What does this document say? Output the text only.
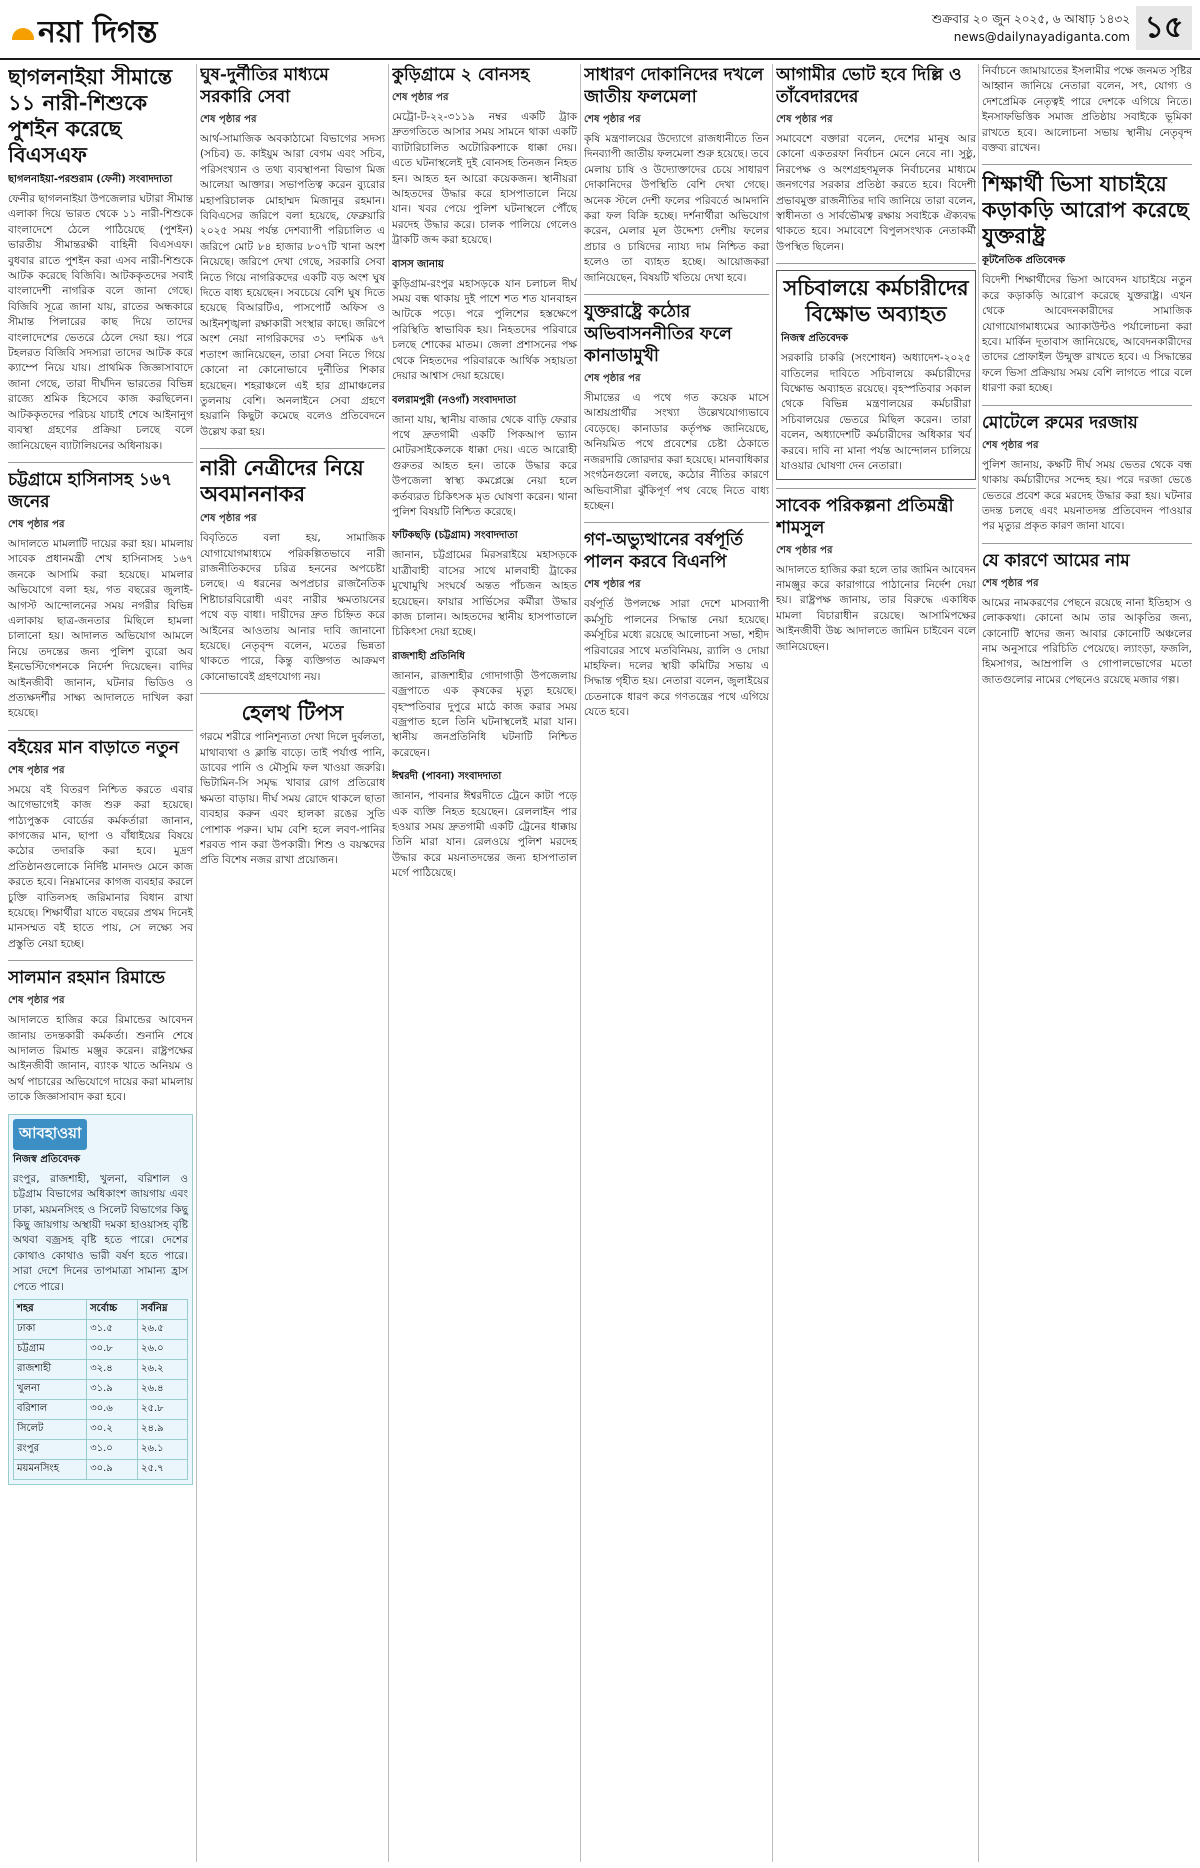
নয়া দিগন্ত	শুক্রবার ২০ জুন ২০২৫, ৬ আষাঢ় ১৪৩২
news@dailynayadiganta.com ১৫
ছাগলনাইয়া সীমান্তে ১১ নারী-শিশুকে পুশইন করেছে বিএসএফ
ছাগলনাইয়া-পরশুরাম (ফেনী) সংবাদদাতা

ফেনীর ছাগলনাইয়া উপজেলার ঘটারা সীমান্ত এলাকা দিয়ে ভারত থেকে ১১ নারী-শিশুকে বাংলাদেশে ঠেলে পাঠিয়েছে (পুশইন) ভারতীয় সীমান্তরক্ষী বাহিনী বিএসএফ। বুধবার রাতে পুশইন করা এসব নারী-শিশুকে আটক করেছে বিজিবি। আটককৃতদের সবাই বাংলাদেশী নাগরিক বলে জানা গেছে। বিজিবি সূত্রে জানা যায়, রাতের অন্ধকারে সীমান্ত পিলারের কাছ দিয়ে তাদের বাংলাদেশের ভেতরে ঠেলে দেয়া হয়। পরে টহলরত বিজিবি সদস্যরা তাদের আটক করে ক্যাম্পে নিয়ে যায়। প্রাথমিক জিজ্ঞাসাবাদে জানা গেছে, তারা দীর্ঘদিন ভারতের বিভিন্ন রাজ্যে শ্রমিক হিসেবে কাজ করছিলেন। আটককৃতদের পরিচয় যাচাই শেষে আইনানুগ ব্যবস্থা গ্রহণের প্রক্রিয়া চলছে বলে জানিয়েছেন ব্যাটালিয়নের অধিনায়ক।

চট্টগ্রামে হাসিনাসহ ১৬৭ জনের
শেষ পৃষ্ঠার পর

আদালতে মামলাটি দায়ের করা হয়। মামলায় সাবেক প্রধানমন্ত্রী শেখ হাসিনাসহ ১৬৭ জনকে আসামি করা হয়েছে। মামলার অভিযোগে বলা হয়, গত বছরের জুলাই-আগস্ট আন্দোলনের সময় নগরীর বিভিন্ন এলাকায় ছাত্র-জনতার মিছিলে হামলা চালানো হয়। আদালত অভিযোগ আমলে নিয়ে তদন্তের জন্য পুলিশ ব্যুরো অব ইনভেস্টিগেশনকে নির্দেশ দিয়েছেন। বাদির আইনজীবী জানান, ঘটনার ভিডিও ও প্রত্যক্ষদর্শীর সাক্ষ্য আদালতে দাখিল করা হয়েছে।

বইয়ের মান বাড়াতে নতুন
শেষ পৃষ্ঠার পর

সময়ে বই বিতরণ নিশ্চিত করতে এবার আগেভাগেই কাজ শুরু করা হয়েছে। পাঠ্যপুস্তক বোর্ডের কর্মকর্তারা জানান, কাগজের মান, ছাপা ও বাঁধাইয়ের বিষয়ে কঠোর তদারকি করা হবে। মুদ্রণ প্রতিষ্ঠানগুলোকে নির্দিষ্ট মানদণ্ড মেনে কাজ করতে হবে। নিম্নমানের কাগজ ব্যবহার করলে চুক্তি বাতিলসহ জরিমানার বিধান রাখা হয়েছে। শিক্ষার্থীরা যাতে বছরের প্রথম দিনেই মানসম্মত বই হাতে পায়, সে লক্ষ্যে সব প্রস্তুতি নেয়া হচ্ছে।

সালমান রহমান রিমান্ডে
শেষ পৃষ্ঠার পর

আদালতে হাজির করে রিমান্ডের আবেদন জানায় তদন্তকারী কর্মকর্তা। শুনানি শেষে আদালত রিমান্ড মঞ্জুর করেন। রাষ্ট্রপক্ষের আইনজীবী জানান, ব্যাংক খাতে অনিয়ম ও অর্থ পাচারের অভিযোগে দায়ের করা মামলায় তাকে জিজ্ঞাসাবাদ করা হবে।

আবহাওয়া
নিজস্ব প্রতিবেদক

রংপুর, রাজশাহী, খুলনা, বরিশাল ও চট্টগ্রাম বিভাগের অধিকাংশ জায়গায় এবং ঢাকা, ময়মনসিংহ ও সিলেট বিভাগের কিছু কিছু জায়গায় অস্থায়ী দমকা হাওয়াসহ বৃষ্টি অথবা বজ্রসহ বৃষ্টি হতে পারে। দেশের কোথাও কোথাও ভারী বর্ষণ হতে পারে। সারা দেশে দিনের তাপমাত্রা সামান্য হ্রাস পেতে পারে।

শহর	সর্বোচ্চ	সর্বনিম্ন
ঢাকা	৩১.৫	২৬.৫
চট্টগ্রাম	৩০.৮	২৬.০
রাজশাহী	৩২.৪	২৬.২
খুলনা	৩১.৯	২৬.৪
বরিশাল	৩০.৬	২৫.৮
সিলেট	৩০.২	২৪.৯
রংপুর	৩১.০	২৬.১
ময়মনসিংহ	৩০.৯	২৫.৭
ঘুষ-দুর্নীতির মাধ্যমে সরকারি সেবা
শেষ পৃষ্ঠার পর

আর্থ-সামাজিক অবকাঠামো বিভাগের সদস্য (সচিব) ড. কাইয়ুম আরা বেগম এবং সচিব, পরিসংখ্যান ও তথ্য ব্যবস্থাপনা বিভাগ মিজ আলেয়া আক্তার। সভাপতিত্ব করেন ব্যুরোর মহাপরিচালক মোহাম্মদ মিজানুর রহমান। বিবিএসের জরিপে বলা হয়েছে, ফেব্রুয়ারি ২০২৫ সময় পর্যন্ত দেশব্যাপী পরিচালিত এ জরিপে মোট ৮৪ হাজার ৮০৭টি খানা অংশ নিয়েছে। জরিপে দেখা গেছে, সরকারি সেবা নিতে গিয়ে নাগরিকদের একটি বড় অংশ ঘুষ দিতে বাধ্য হয়েছেন। সবচেয়ে বেশি ঘুষ দিতে হয়েছে বিআরটিএ, পাসপোর্ট অফিস ও আইনশৃঙ্খলা রক্ষাকারী সংস্থার কাছে। জরিপে অংশ নেয়া নাগরিকদের ৩১ দশমিক ৬৭ শতাংশ জানিয়েছেন, তারা সেবা নিতে গিয়ে কোনো না কোনোভাবে দুর্নীতির শিকার হয়েছেন। শহরাঞ্চলে এই হার গ্রামাঞ্চলের তুলনায় বেশি। অনলাইনে সেবা গ্রহণে হয়রানি কিছুটা কমেছে বলেও প্রতিবেদনে উল্লেখ করা হয়।

নারী নেত্রীদের নিয়ে অবমাননাকর
শেষ পৃষ্ঠার পর

বিবৃতিতে বলা হয়, সামাজিক যোগাযোগমাধ্যমে পরিকল্পিতভাবে নারী রাজনীতিকদের চরিত্র হননের অপচেষ্টা চলছে। এ ধরনের অপপ্রচার রাজনৈতিক শিষ্টাচারবিরোধী এবং নারীর ক্ষমতায়নের পথে বড় বাধা। দায়ীদের দ্রুত চিহ্নিত করে আইনের আওতায় আনার দাবি জানানো হয়েছে। নেতৃবৃন্দ বলেন, মতের ভিন্নতা থাকতে পারে, কিন্তু ব্যক্তিগত আক্রমণ কোনোভাবেই গ্রহণযোগ্য নয়।

হেলথ টিপস

গরমে শরীরে পানিশূন্যতা দেখা দিলে দুর্বলতা, মাথাব্যথা ও ক্লান্তি বাড়ে। তাই পর্যাপ্ত পানি, ডাবের পানি ও মৌসুমি ফল খাওয়া জরুরি। ভিটামিন-সি সমৃদ্ধ খাবার রোগ প্রতিরোধ ক্ষমতা বাড়ায়। দীর্ঘ সময় রোদে থাকলে ছাতা ব্যবহার করুন এবং হালকা রঙের সুতি পোশাক পরুন। ঘাম বেশি হলে লবণ-পানির শরবত পান করা উপকারী। শিশু ও বয়স্কদের প্রতি বিশেষ নজর রাখা প্রয়োজন।

কুড়িগ্রামে ২ বোনসহ
শেষ পৃষ্ঠার পর

মেট্রো-ট-২২-৩১১৯ নম্বর একটি ট্রাক দ্রুতগতিতে আসার সময় সামনে থাকা একটি ব্যাটারিচালিত অটোরিকশাকে ধাক্কা দেয়। এতে ঘটনাস্থলেই দুই বোনসহ তিনজন নিহত হন। আহত হন আরো কয়েকজন। স্থানীয়রা আহতদের উদ্ধার করে হাসপাতালে নিয়ে যান। খবর পেয়ে পুলিশ ঘটনাস্থলে পৌঁছে মরদেহ উদ্ধার করে। চালক পালিয়ে গেলেও ট্রাকটি জব্দ করা হয়েছে।

বাসস জানায়

কুড়িগ্রাম-রংপুর মহাসড়কে যান চলাচল দীর্ঘ সময় বন্ধ থাকায় দুই পাশে শত শত যানবাহন আটকে পড়ে। পরে পুলিশের হস্তক্ষেপে পরিস্থিতি স্বাভাবিক হয়। নিহতদের পরিবারে চলছে শোকের মাতম। জেলা প্রশাসনের পক্ষ থেকে নিহতদের পরিবারকে আর্থিক সহায়তা দেয়ার আশ্বাস দেয়া হয়েছে।

বলরামপুরী (নওগাঁ) সংবাদদাতা

জানা যায়, স্থানীয় বাজার থেকে বাড়ি ফেরার পথে দ্রুতগামী একটি পিকআপ ভ্যান মোটরসাইকেলকে ধাক্কা দেয়। এতে আরোহী গুরুতর আহত হন। তাকে উদ্ধার করে উপজেলা স্বাস্থ্য কমপ্লেক্সে নেয়া হলে কর্তব্যরত চিকিৎসক মৃত ঘোষণা করেন। থানা পুলিশ বিষয়টি নিশ্চিত করেছে।

ফটিকছড়ি (চট্টগ্রাম) সংবাদদাতা

জানান, চট্টগ্রামের মিরসরাইয়ে মহাসড়কে যাত্রীবাহী বাসের সাথে মালবাহী ট্রাকের মুখোমুখি সংঘর্ষে অন্তত পাঁচজন আহত হয়েছেন। ফায়ার সার্ভিসের কর্মীরা উদ্ধার কাজ চালান। আহতদের স্থানীয় হাসপাতালে চিকিৎসা দেয়া হচ্ছে।

রাজশাহী প্রতিনিধি

জানান, রাজশাহীর গোদাগাড়ী উপজেলায় বজ্রপাতে এক কৃষকের মৃত্যু হয়েছে। বৃহস্পতিবার দুপুরে মাঠে কাজ করার সময় বজ্রপাত হলে তিনি ঘটনাস্থলেই মারা যান। স্থানীয় জনপ্রতিনিধি ঘটনাটি নিশ্চিত করেছেন।

ঈশ্বরদী (পাবনা) সংবাদদাতা

জানান, পাবনার ঈশ্বরদীতে ট্রেনে কাটা পড়ে এক ব্যক্তি নিহত হয়েছেন। রেললাইন পার হওয়ার সময় দ্রুতগামী একটি ট্রেনের ধাক্কায় তিনি মারা যান। রেলওয়ে পুলিশ মরদেহ উদ্ধার করে ময়নাতদন্তের জন্য হাসপাতাল মর্গে পাঠিয়েছে।

সাধারণ দোকানিদের দখলে জাতীয় ফলমেলা
শেষ পৃষ্ঠার পর

কৃষি মন্ত্রণালয়ের উদ্যোগে রাজধানীতে তিন দিনব্যাপী জাতীয় ফলমেলা শুরু হয়েছে। তবে মেলায় চাষি ও উদ্যোক্তাদের চেয়ে সাধারণ দোকানিদের উপস্থিতি বেশি দেখা গেছে। অনেক স্টলে দেশী ফলের পরিবর্তে আমদানি করা ফল বিক্রি হচ্ছে। দর্শনার্থীরা অভিযোগ করেন, মেলার মূল উদ্দেশ্য দেশীয় ফলের প্রচার ও চাষিদের ন্যায্য দাম নিশ্চিত করা হলেও তা ব্যাহত হচ্ছে। আয়োজকরা জানিয়েছেন, বিষয়টি খতিয়ে দেখা হবে।

যুক্তরাষ্ট্রে কঠোর অভিবাসননীতির ফলে কানাডামুখী
শেষ পৃষ্ঠার পর

সীমান্তের এ পথে গত কয়েক মাসে আশ্রয়প্রার্থীর সংখ্যা উল্লেখযোগ্যভাবে বেড়েছে। কানাডার কর্তৃপক্ষ জানিয়েছে, অনিয়মিত পথে প্রবেশের চেষ্টা ঠেকাতে নজরদারি জোরদার করা হয়েছে। মানবাধিকার সংগঠনগুলো বলছে, কঠোর নীতির কারণে অভিবাসীরা ঝুঁকিপূর্ণ পথ বেছে নিতে বাধ্য হচ্ছেন।

গণ-অভ্যুত্থানের বর্ষপূর্তি পালন করবে বিএনপি
শেষ পৃষ্ঠার পর

বর্ষপূর্তি উপলক্ষে সারা দেশে মাসব্যাপী কর্মসূচি পালনের সিদ্ধান্ত নেয়া হয়েছে। কর্মসূচির মধ্যে রয়েছে আলোচনা সভা, শহীদ পরিবারের সাথে মতবিনিময়, র‍্যালি ও দোয়া মাহফিল। দলের স্থায়ী কমিটির সভায় এ সিদ্ধান্ত গৃহীত হয়। নেতারা বলেন, জুলাইয়ের চেতনাকে ধারণ করে গণতন্ত্রের পথে এগিয়ে যেতে হবে।

আগামীর ভোট হবে দিল্লি ও তাঁবেদারদের
শেষ পৃষ্ঠার পর

সমাবেশে বক্তারা বলেন, দেশের মানুষ আর কোনো একতরফা নির্বাচন মেনে নেবে না। সুষ্ঠু, নিরপেক্ষ ও অংশগ্রহণমূলক নির্বাচনের মাধ্যমে জনগণের সরকার প্রতিষ্ঠা করতে হবে। বিদেশী প্রভাবমুক্ত রাজনীতির দাবি জানিয়ে তারা বলেন, স্বাধীনতা ও সার্বভৌমত্ব রক্ষায় সবাইকে ঐক্যবদ্ধ থাকতে হবে। সমাবেশে বিপুলসংখ্যক নেতাকর্মী উপস্থিত ছিলেন।

সচিবালয়ে কর্মচারীদের বিক্ষোভ অব্যাহত
নিজস্ব প্রতিবেদক

সরকারি চাকরি (সংশোধন) অধ্যাদেশ-২০২৫ বাতিলের দাবিতে সচিবালয়ে কর্মচারীদের বিক্ষোভ অব্যাহত রয়েছে। বৃহস্পতিবার সকাল থেকে বিভিন্ন মন্ত্রণালয়ের কর্মচারীরা সচিবালয়ের ভেতরে মিছিল করেন। তারা বলেন, অধ্যাদেশটি কর্মচারীদের অধিকার খর্ব করবে। দাবি না মানা পর্যন্ত আন্দোলন চালিয়ে যাওয়ার ঘোষণা দেন নেতারা।

সাবেক পরিকল্পনা প্রতিমন্ত্রী শামসুল
শেষ পৃষ্ঠার পর

আদালতে হাজির করা হলে তার জামিন আবেদন নামঞ্জুর করে কারাগারে পাঠানোর নির্দেশ দেয়া হয়। রাষ্ট্রপক্ষ জানায়, তার বিরুদ্ধে একাধিক মামলা বিচারাধীন রয়েছে। আসামিপক্ষের আইনজীবী উচ্চ আদালতে জামিন চাইবেন বলে জানিয়েছেন।

নির্বাচনে জামায়াতের ইসলামীর পক্ষে জনমত সৃষ্টির আহ্বান জানিয়ে নেতারা বলেন, সৎ, যোগ্য ও দেশপ্রেমিক নেতৃত্বই পারে দেশকে এগিয়ে নিতে। ইনসাফভিত্তিক সমাজ প্রতিষ্ঠায় সবাইকে ভূমিকা রাখতে হবে। আলোচনা সভায় স্থানীয় নেতৃবৃন্দ বক্তব্য রাখেন।

শিক্ষার্থী ভিসা যাচাইয়ে কড়াকড়ি আরোপ করেছে যুক্তরাষ্ট্র
কূটনৈতিক প্রতিবেদক

বিদেশী শিক্ষার্থীদের ভিসা আবেদন যাচাইয়ে নতুন করে কড়াকড়ি আরোপ করেছে যুক্তরাষ্ট্র। এখন থেকে আবেদনকারীদের সামাজিক যোগাযোগমাধ্যমের অ্যাকাউন্টও পর্যালোচনা করা হবে। মার্কিন দূতাবাস জানিয়েছে, আবেদনকারীদের তাদের প্রোফাইল উন্মুক্ত রাখতে হবে। এ সিদ্ধান্তের ফলে ভিসা প্রক্রিয়ায় সময় বেশি লাগতে পারে বলে ধারণা করা হচ্ছে।

মোটেলে রুমের দরজায়
শেষ পৃষ্ঠার পর

পুলিশ জানায়, কক্ষটি দীর্ঘ সময় ভেতর থেকে বন্ধ থাকায় কর্মচারীদের সন্দেহ হয়। পরে দরজা ভেঙে ভেতরে প্রবেশ করে মরদেহ উদ্ধার করা হয়। ঘটনার তদন্ত চলছে এবং ময়নাতদন্ত প্রতিবেদন পাওয়ার পর মৃত্যুর প্রকৃত কারণ জানা যাবে।

যে কারণে আমের নাম
শেষ পৃষ্ঠার পর

আমের নামকরণের পেছনে রয়েছে নানা ইতিহাস ও লোককথা। কোনো আম তার আকৃতির জন্য, কোনোটি স্বাদের জন্য আবার কোনোটি অঞ্চলের নাম অনুসারে পরিচিতি পেয়েছে। ল্যাংড়া, ফজলি, হিমসাগর, আম্রপালি ও গোপালভোগের মতো জাতগুলোর নামের পেছনেও রয়েছে মজার গল্প।
